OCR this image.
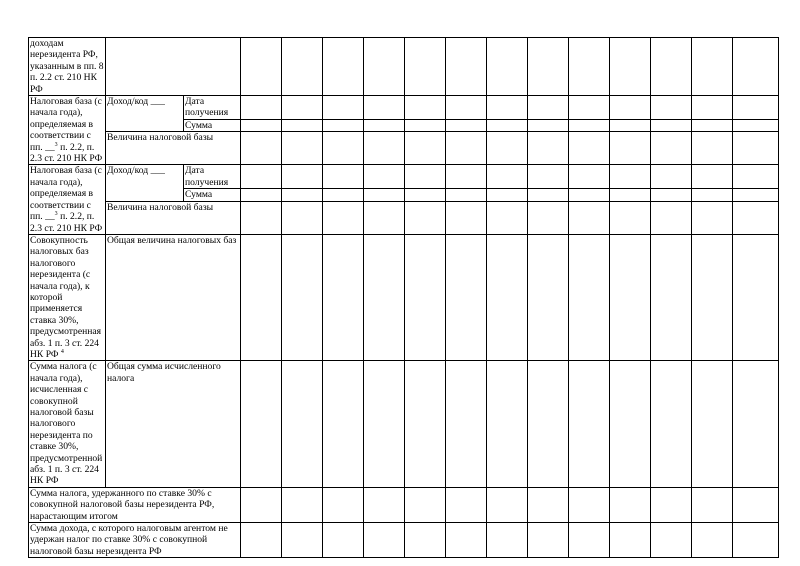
доходам нерезидента РФ, указанным в пп. 8 п. 2.2 ст. 210 НК РФ															
Налоговая база (с начала года), определяемая в соответствии с пп. __$^3$ п. 2.2, п. 2.3 ст. 210 НК РФ	Доход/код ___	Дата получения													
		Сумма													
	Величина налоговой базы														
Налоговая база (с начала года), определяемая в соответствии с пп. __$^3$ п. 2.2, п. 2.3 ст. 210 НК РФ	Доход/код ___	Дата получения													
		Сумма													
	Величина налоговой базы														
Совокупность налоговых баз налогового нерезидента (с начала года), к которой применяется ставка 30%, предусмотренная абз. 1 п. 3 ст. 224 НК РФ $^4$	Общая величина налоговых баз														
Сумма налога (с начала года), исчисленная с совокупной налоговой базы налогового нерезидента по ставке 30%, предусмотренной абз. 1 п. 3 ст. 224 НК РФ	Общая сумма исчисленного налога														
Сумма налога, удержанного по ставке 30% с совокупной налоговой базы нерезидента РФ, нарастающим итогом															
Сумма дохода, с которого налоговым агентом не удержан налог по ставке 30% с совокупной налоговой базы нерезидента РФ															
